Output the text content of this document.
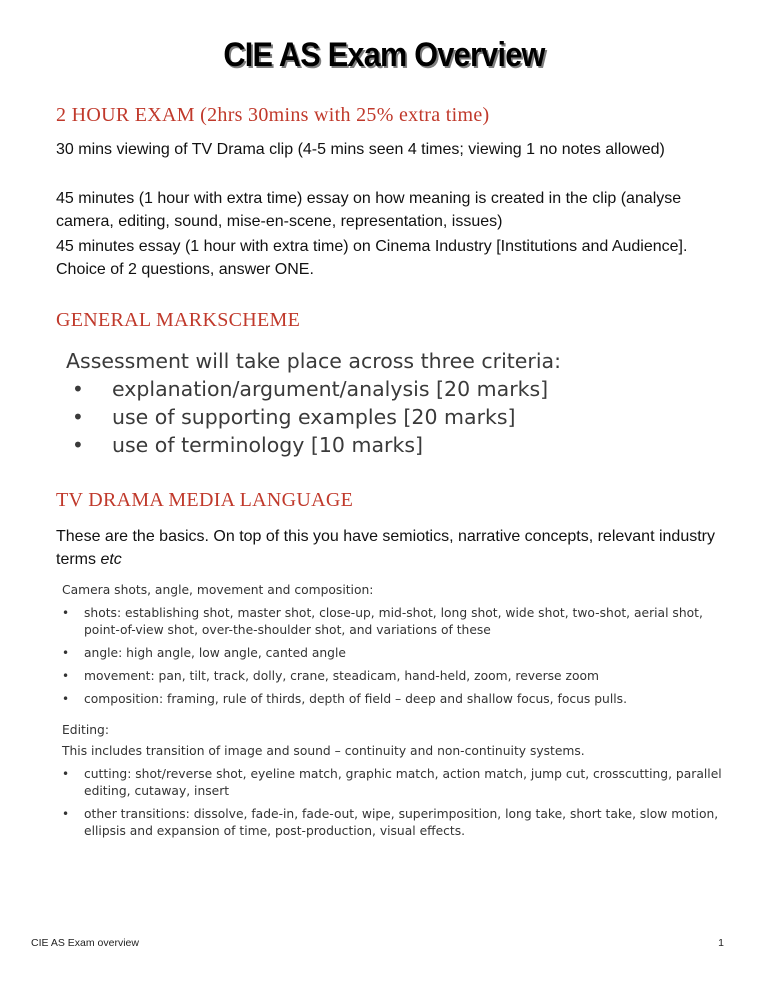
CIE AS Exam Overview
2 HOUR EXAM (2hrs 30mins with 25% extra time)
30 mins viewing of TV Drama clip (4-5 mins seen 4 times; viewing 1 no notes allowed)
45 minutes (1 hour with extra time) essay on how meaning is created in the clip (analyse camera, editing, sound, mise-en-scene, representation, issues)
45 minutes essay (1 hour with extra time) on Cinema Industry [Institutions and Audience]. Choice of 2 questions, answer ONE.
GENERAL MARKSCHEME

Assessment will take place across three criteria:

• explanation/argument/analysis [20 marks]
• use of supporting examples [20 marks]
• use of terminology [10 marks]
TV DRAMA MEDIA LANGUAGE
These are the basics. On top of this you have semiotics, narrative concepts, relevant industry terms etc

Camera shots, angle, movement and composition:

• shots: establishing shot, master shot, close-up, mid-shot, long shot, wide shot, two-shot, aerial shot, point-of-view shot, over-the-shoulder shot, and variations of these
• angle: high angle, low angle, canted angle
• movement: pan, tilt, track, dolly, crane, steadicam, hand-held, zoom, reverse zoom
• composition: framing, rule of thirds, depth of field – deep and shallow focus, focus pulls.

Editing:

This includes transition of image and sound – continuity and non-continuity systems.

• cutting: shot/reverse shot, eyeline match, graphic match, action match, jump cut, crosscutting, parallel editing, cutaway, insert
• other transitions: dissolve, fade-in, fade-out, wipe, superimposition, long take, short take, slow motion, ellipsis and expansion of time, post-production, visual effects.
CIE AS Exam overview	1
